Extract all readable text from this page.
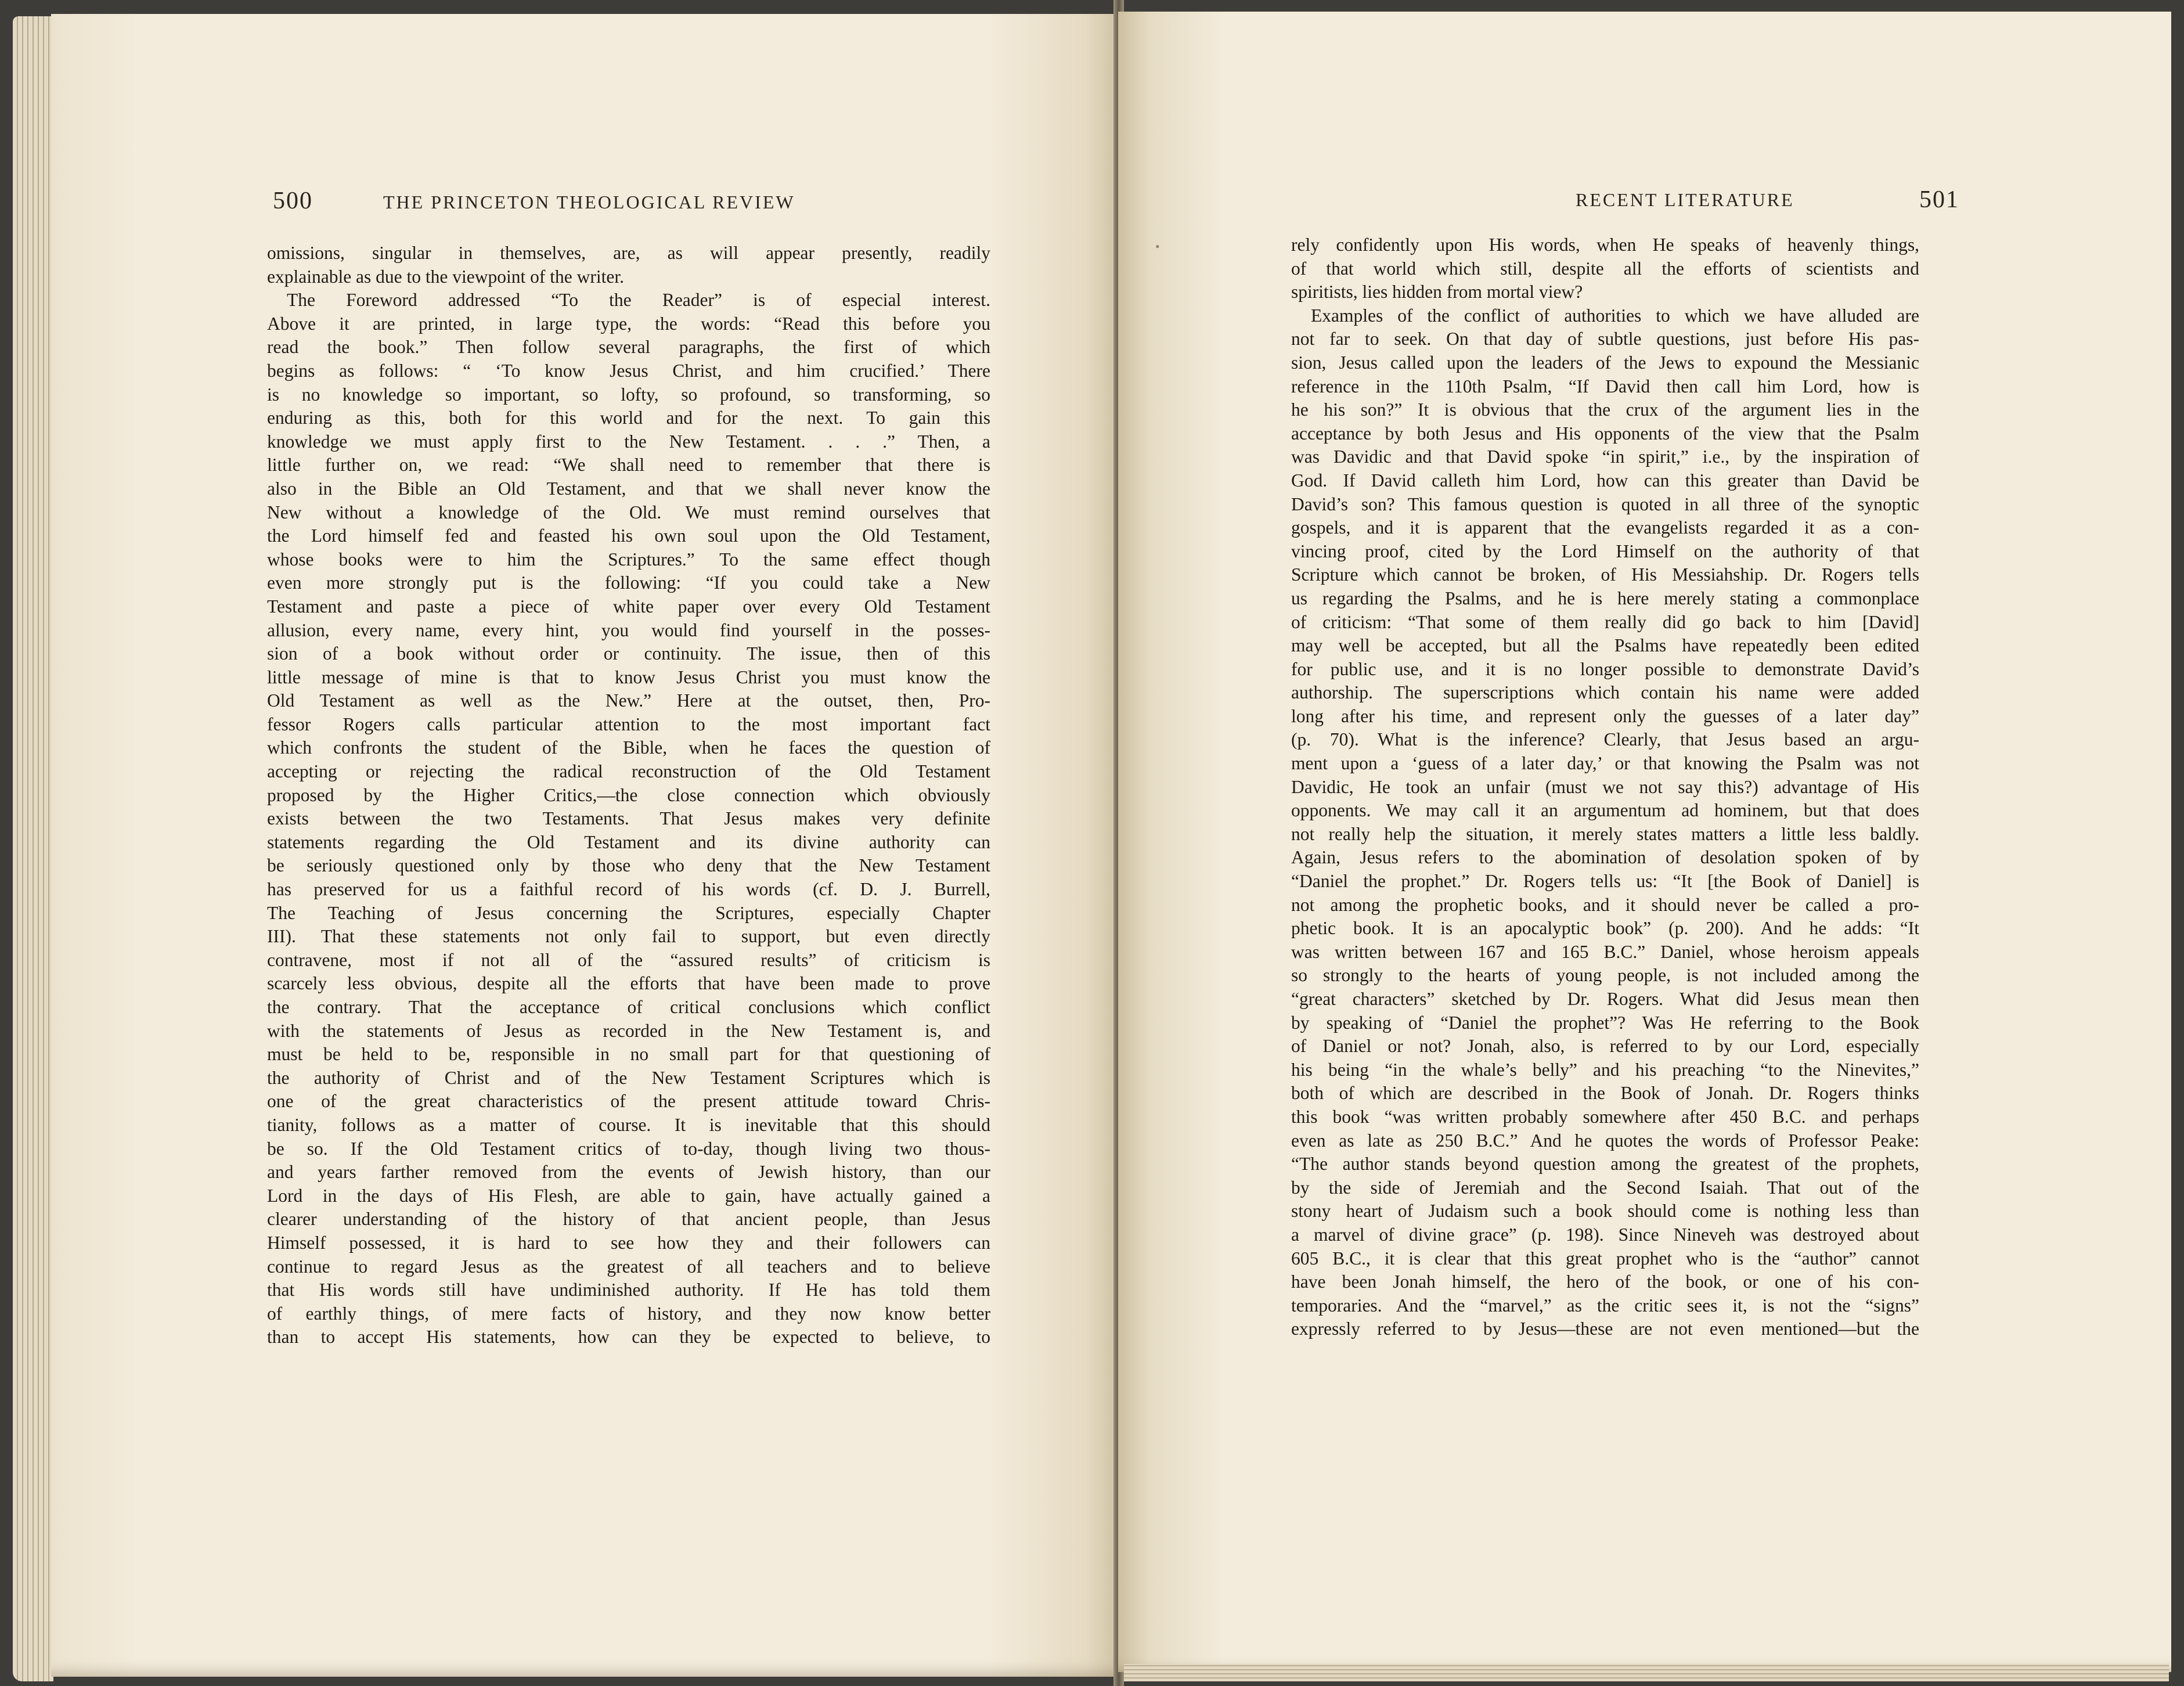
500	THE PRINCETON THEOLOGICAL REVIEW
omissions, singular in themselves, are, as will appear presently, readily
explainable as due to the viewpoint of the writer.
The Foreword addressed “To the Reader” is of especial interest.
Above it are printed, in large type, the words: “Read this before you
read the book.” Then follow several paragraphs, the first of which
begins as follows: “ ‘To know Jesus Christ, and him crucified.’ There
is no knowledge so important, so lofty, so profound, so transforming, so
enduring as this, both for this world and for the next. To gain this
knowledge we must apply first to the New Testament. . . .” Then, a
little further on, we read: “We shall need to remember that there is
also in the Bible an Old Testament, and that we shall never know the
New without a knowledge of the Old. We must remind ourselves that
the Lord himself fed and feasted his own soul upon the Old Testament,
whose books were to him the Scriptures.” To the same effect though
even more strongly put is the following: “If you could take a New
Testament and paste a piece of white paper over every Old Testament
allusion, every name, every hint, you would find yourself in the posses-
sion of a book without order or continuity. The issue, then of this
little message of mine is that to know Jesus Christ you must know the
Old Testament as well as the New.” Here at the outset, then, Pro-
fessor Rogers calls particular attention to the most important fact
which confronts the student of the Bible, when he faces the question of
accepting or rejecting the radical reconstruction of the Old Testament
proposed by the Higher Critics,—the close connection which obviously
exists between the two Testaments. That Jesus makes very definite
statements regarding the Old Testament and its divine authority can
be seriously questioned only by those who deny that the New Testament
has preserved for us a faithful record of his words (cf. D. J. Burrell,
The Teaching of Jesus concerning the Scriptures, especially Chapter
III). That these statements not only fail to support, but even directly
contravene, most if not all of the “assured results” of criticism is
scarcely less obvious, despite all the efforts that have been made to prove
the contrary. That the acceptance of critical conclusions which conflict
with the statements of Jesus as recorded in the New Testament is, and
must be held to be, responsible in no small part for that questioning of
the authority of Christ and of the New Testament Scriptures which is
one of the great characteristics of the present attitude toward Chris-
tianity, follows as a matter of course. It is inevitable that this should
be so. If the Old Testament critics of to-day, though living two thous-
and years farther removed from the events of Jewish history, than our
Lord in the days of His Flesh, are able to gain, have actually gained a
clearer understanding of the history of that ancient people, than Jesus
Himself possessed, it is hard to see how they and their followers can
continue to regard Jesus as the greatest of all teachers and to believe
that His words still have undiminished authority. If He has told them
of earthly things, of mere facts of history, and they now know better
than to accept His statements, how can they be expected to believe, to
RECENT LITERATURE	501
rely confidently upon His words, when He speaks of heavenly things,
of that world which still, despite all the efforts of scientists and
spiritists, lies hidden from mortal view?
Examples of the conflict of authorities to which we have alluded are
not far to seek. On that day of subtle questions, just before His pas-
sion, Jesus called upon the leaders of the Jews to expound the Messianic
reference in the 110th Psalm, “If David then call him Lord, how is
he his son?” It is obvious that the crux of the argument lies in the
acceptance by both Jesus and His opponents of the view that the Psalm
was Davidic and that David spoke “in spirit,” i.e., by the inspiration of
God. If David calleth him Lord, how can this greater than David be
David’s son? This famous question is quoted in all three of the synoptic
gospels, and it is apparent that the evangelists regarded it as a con-
vincing proof, cited by the Lord Himself on the authority of that
Scripture which cannot be broken, of His Messiahship. Dr. Rogers tells
us regarding the Psalms, and he is here merely stating a commonplace
of criticism: “That some of them really did go back to him [David]
may well be accepted, but all the Psalms have repeatedly been edited
for public use, and it is no longer possible to demonstrate David’s
authorship. The superscriptions which contain his name were added
long after his time, and represent only the guesses of a later day”
(p. 70). What is the inference? Clearly, that Jesus based an argu-
ment upon a ‘guess of a later day,’ or that knowing the Psalm was not
Davidic, He took an unfair (must we not say this?) advantage of His
opponents. We may call it an argumentum ad hominem, but that does
not really help the situation, it merely states matters a little less baldly.
Again, Jesus refers to the abomination of desolation spoken of by
“Daniel the prophet.” Dr. Rogers tells us: “It [the Book of Daniel] is
not among the prophetic books, and it should never be called a pro-
phetic book. It is an apocalyptic book” (p. 200). And he adds: “It
was written between 167 and 165 B.C.” Daniel, whose heroism appeals
so strongly to the hearts of young people, is not included among the
“great characters” sketched by Dr. Rogers. What did Jesus mean then
by speaking of “Daniel the prophet”? Was He referring to the Book
of Daniel or not? Jonah, also, is referred to by our Lord, especially
his being “in the whale’s belly” and his preaching “to the Ninevites,”
both of which are described in the Book of Jonah. Dr. Rogers thinks
this book “was written probably somewhere after 450 B.C. and perhaps
even as late as 250 B.C.” And he quotes the words of Professor Peake:
“The author stands beyond question among the greatest of the prophets,
by the side of Jeremiah and the Second Isaiah. That out of the
stony heart of Judaism such a book should come is nothing less than
a marvel of divine grace” (p. 198). Since Nineveh was destroyed about
605 B.C., it is clear that this great prophet who is the “author” cannot
have been Jonah himself, the hero of the book, or one of his con-
temporaries. And the “marvel,” as the critic sees it, is not the “signs”
expressly referred to by Jesus—these are not even mentioned—but the
•
